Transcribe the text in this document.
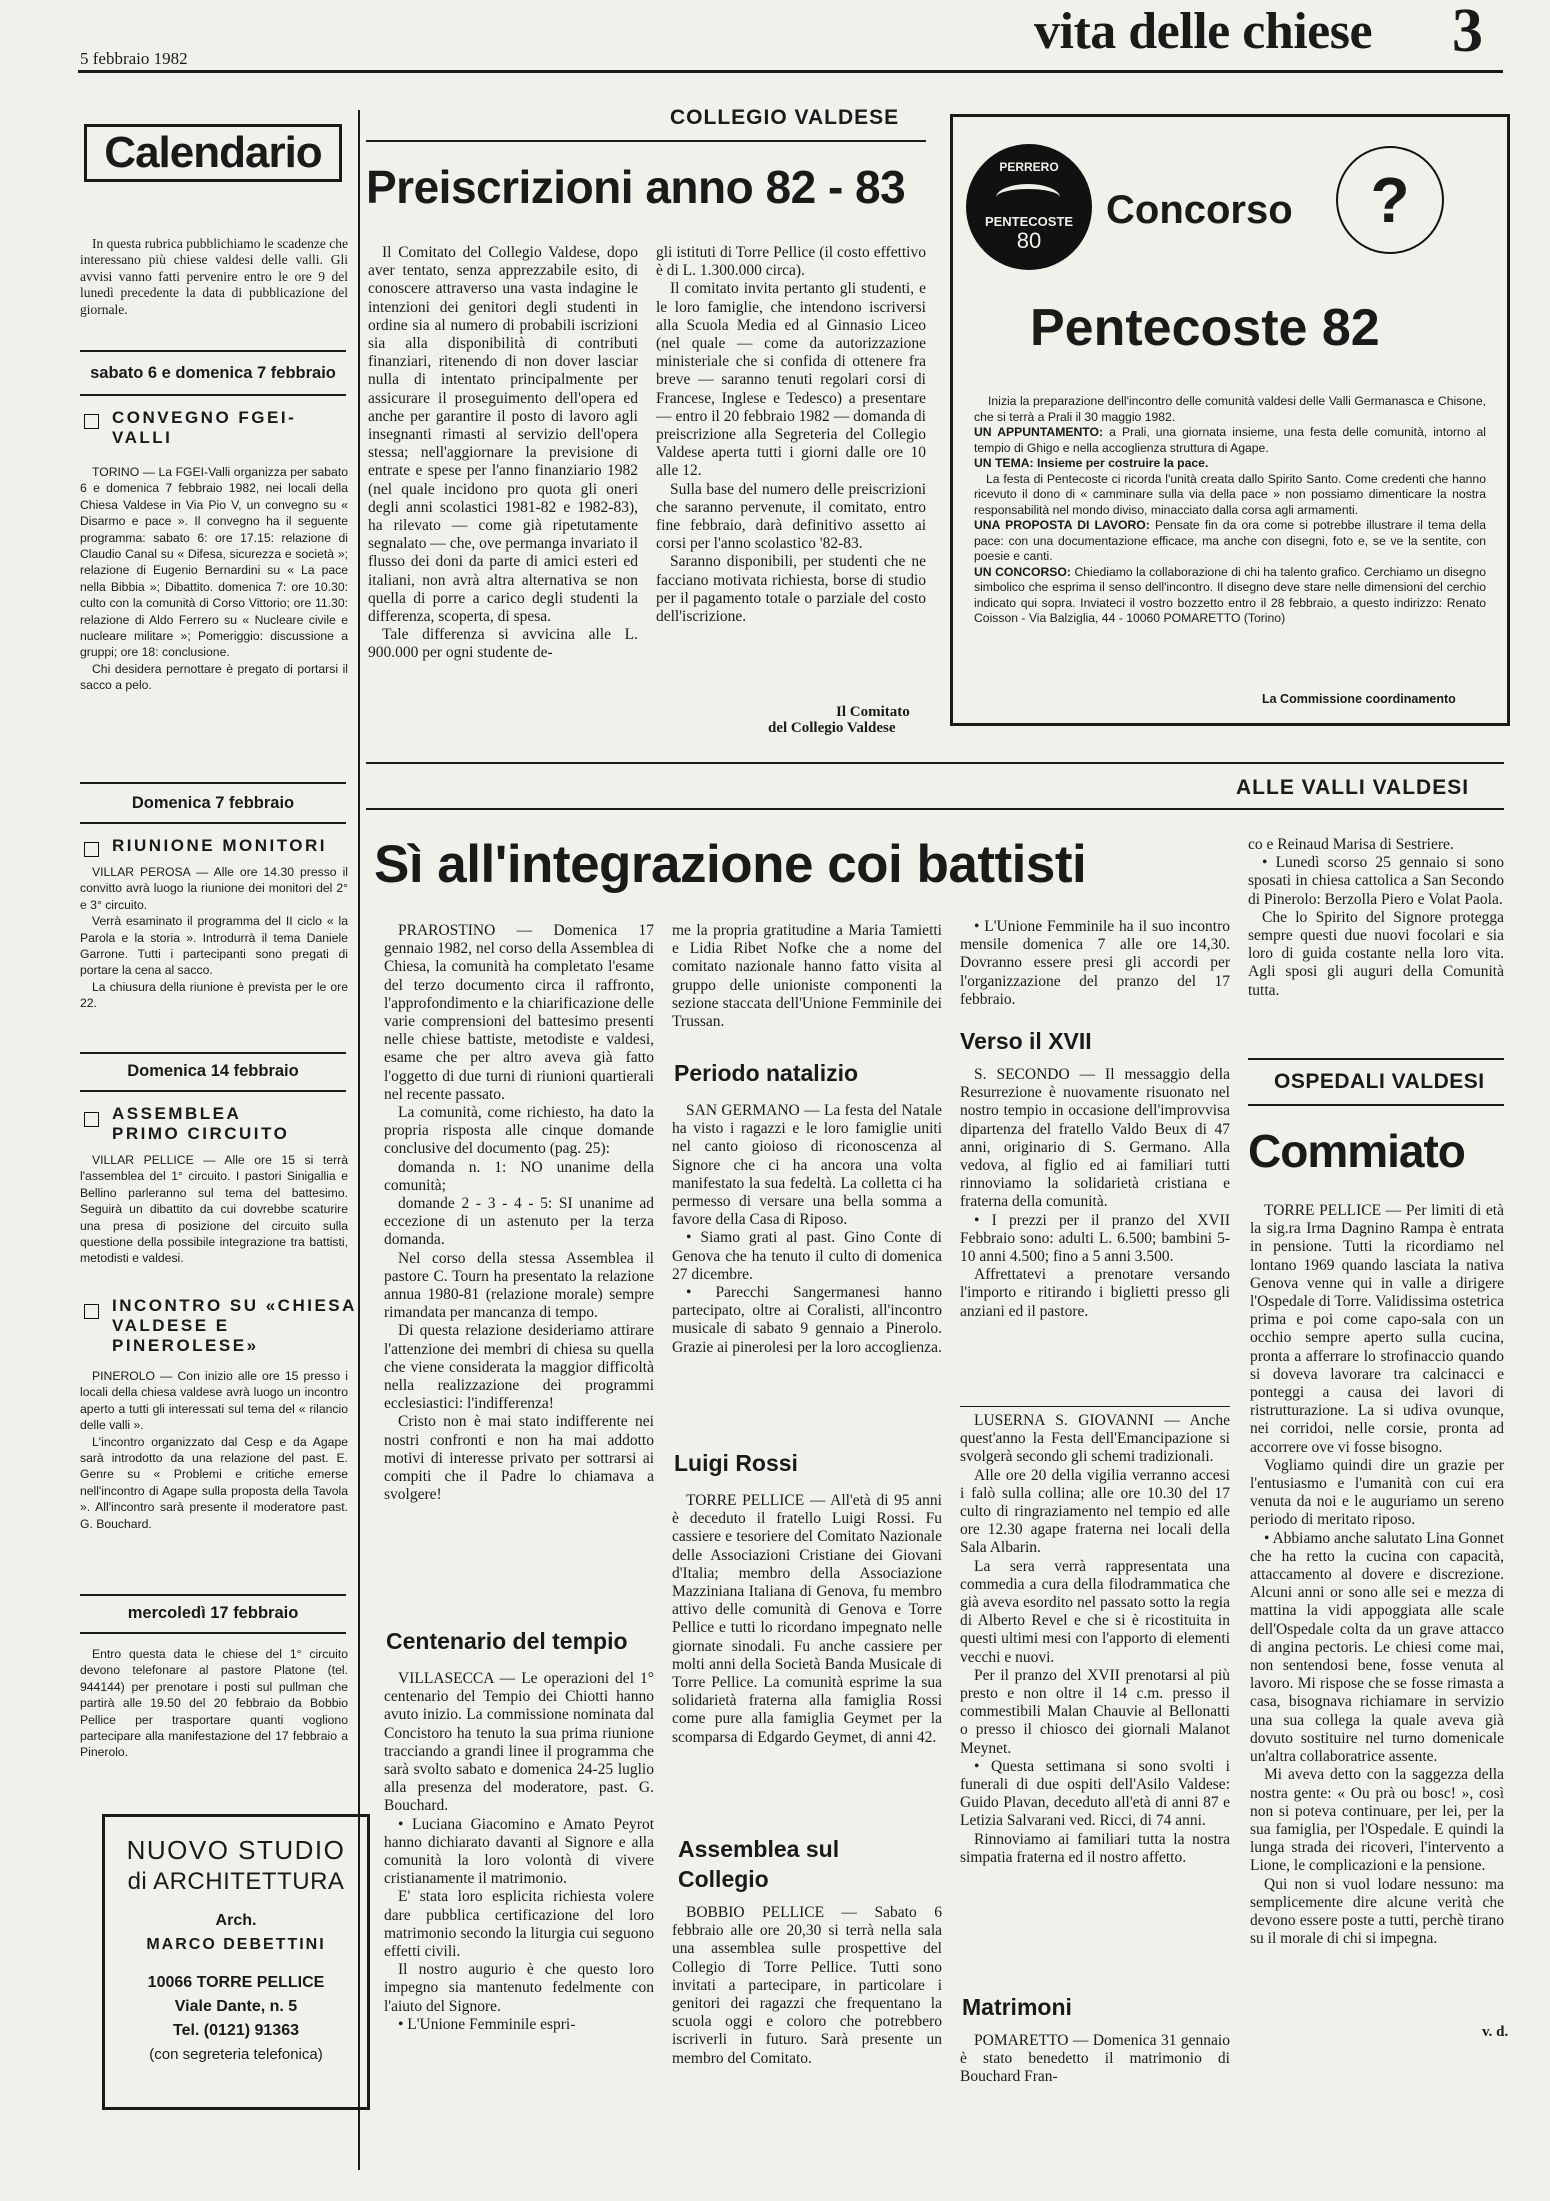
5 febbraio 1982	vita delle chiese 3
Calendario

In questa rubrica pubblichiamo le scadenze che interessano più chiese valdesi delle valli. Gli avvisi vanno fatti pervenire entro le ore 9 del lunedì precedente la data di pubblicazione del giornale.

sabato 6 e domenica 7 febbraio
CONVEGNO FGEI-VALLI

TORINO — La FGEI-Valli organizza per sabato 6 e domenica 7 febbraio 1982, nei locali della Chiesa Valdese in Via Pio V, un convegno su « Disarmo e pace ». Il convegno ha il seguente programma: sabato 6: ore 17.15: relazione di Claudio Canal su « Difesa, sicurezza e società »; relazione di Eugenio Bernardini su « La pace nella Bibbia »; Dibattito. domenica 7: ore 10.30: culto con la comunità di Corso Vittorio; ore 11.30: relazione di Aldo Ferrero su « Nucleare civile e nucleare militare »; Pomeriggio: discussione a gruppi; ore 18: conclusione.

Chi desidera pernottare è pregato di portarsi il sacco a pelo.

Domenica 7 febbraio
RIUNIONE MONITORI

VILLAR PEROSA — Alle ore 14.30 presso il convitto avrà luogo la riunione dei monitori del 2° e 3° circuito.

Verrà esaminato il programma del II ciclo « la Parola e la storia ». Introdurrà il tema Daniele Garrone. Tutti i partecipanti sono pregati di portare la cena al sacco.

La chiusura della riunione è prevista per le ore 22.

Domenica 14 febbraio
ASSEMBLEA PRIMO CIRCUITO

VILLAR PELLICE — Alle ore 15 si terrà l'assemblea del 1° circuito. I pastori Sinigallia e Bellino parleranno sul tema del battesimo. Seguirà un dibattito da cui dovrebbe scaturire una presa di posizione del circuito sulla questione della possibile integrazione tra battisti, metodisti e valdesi.

INCONTRO SU «CHIESA VALDESE E PINEROLESE»

PINEROLO — Con inizio alle ore 15 presso i locali della chiesa valdese avrà luogo un incontro aperto a tutti gli interessati sul tema del « rilancio delle valli ».

L'incontro organizzato dal Cesp e da Agape sarà introdotto da una relazione del past. E. Genre su « Problemi e critiche emerse nell'incontro di Agape sulla proposta della Tavola ». All'incontro sarà presente il moderatore past. G. Bouchard.

mercoledì 17 febbraio

Entro questa data le chiese del 1° circuito devono telefonare al pastore Platone (tel. 944144) per prenotare i posti sul pullman che partirà alle 19.50 del 20 febbraio da Bobbio Pellice per trasportare quanti vogliono partecipare alla manifestazione del 17 febbraio a Pinerolo.

NUOVO STUDIO
di ARCHITETTURA
Arch.
MARCO DEBETTINI
10066 TORRE PELLICE
Viale Dante, n. 5
Tel. (0121) 91363
(con segreteria telefonica)
COLLEGIO VALDESE
Preiscrizioni anno 82 - 83

Il Comitato del Collegio Valdese, dopo aver tentato, senza apprezzabile esito, di conoscere attraverso una vasta indagine le intenzioni dei genitori degli studenti in ordine sia al numero di probabili iscrizioni sia alla disponibilità di contributi finanziari, ritenendo di non dover lasciar nulla di intentato principalmente per assicurare il proseguimento dell'opera ed anche per garantire il posto di lavoro agli insegnanti rimasti al servizio dell'opera stessa; nell'aggiornare la previsione di entrate e spese per l'anno finanziario 1982 (nel quale incidono pro quota gli oneri degli anni scolastici 1981-82 e 1982-83), ha rilevato — come già ripetutamente segnalato — che, ove permanga invariato il flusso dei doni da parte di amici esteri ed italiani, non avrà altra alternativa se non quella di porre a carico degli studenti la differenza, scoperta, di spesa.

Tale differenza si avvicina alle L. 900.000 per ogni studente de-

gli istituti di Torre Pellice (il costo effettivo è di L. 1.300.000 circa).

Il comitato invita pertanto gli studenti, e le loro famiglie, che intendono iscriversi alla Scuola Media ed al Ginnasio Liceo (nel quale — come da autorizzazione ministeriale che si confida di ottenere fra breve — saranno tenuti regolari corsi di Francese, Inglese e Tedesco) a presentare — entro il 20 febbraio 1982 — domanda di preiscrizione alla Segreteria del Collegio Valdese aperta tutti i giorni dalle ore 10 alle 12.

Sulla base del numero delle preiscrizioni che saranno pervenute, il comitato, entro fine febbraio, darà definitivo assetto ai corsi per l'anno scolastico '82-83.

Saranno disponibili, per studenti che ne facciano motivata richiesta, borse di studio per il pagamento totale o parziale del costo dell'iscrizione.

Il Comitato
del Collegio Valdese
PERRERO
PENTECOSTE
80
Concorso	?
Pentecoste 82

Inizia la preparazione dell'incontro delle comunità valdesi delle Valli Germanasca e Chisone, che si terrà a Prali il 30 maggio 1982.

UN APPUNTAMENTO: a Prali, una giornata insieme, una festa delle comunità, intorno al tempio di Ghigo e nella accoglienza struttura di Agape.

UN TEMA: Insieme per costruire la pace.

La festa di Pentecoste ci ricorda l'unità creata dallo Spirito Santo. Come credenti che hanno ricevuto il dono di « camminare sulla via della pace » non possiamo dimenticare la nostra responsabilità nel mondo diviso, minacciato dalla corsa agli armamenti.

UNA PROPOSTA DI LAVORO: Pensate fin da ora come si potrebbe illustrare il tema della pace: con una documentazione efficace, ma anche con disegni, foto e, se ve la sentite, con poesie e canti.

UN CONCORSO: Chiediamo la collaborazione di chi ha talento grafico. Cerchiamo un disegno simbolico che esprima il senso dell'incontro. Il disegno deve stare nelle dimensioni del cerchio indicato qui sopra. Inviateci il vostro bozzetto entro il 28 febbraio, a questo indirizzo: Renato Coisson - Via Balziglia, 44 - 10060 POMARETTO (Torino)

La Commissione coordinamento
ALLE VALLI VALDESI
Sì all'integrazione coi battisti

PRAROSTINO — Domenica 17 gennaio 1982, nel corso della Assemblea di Chiesa, la comunità ha completato l'esame del terzo documento circa il raffronto, l'approfondimento e la chiarificazione delle varie comprensioni del battesimo presenti nelle chiese battiste, metodiste e valdesi, esame che per altro aveva già fatto l'oggetto di due turni di riunioni quartierali nel recente passato.

La comunità, come richiesto, ha dato la propria risposta alle cinque domande conclusive del documento (pag. 25):

domanda n. 1: NO unanime della comunità;

domande 2 - 3 - 4 - 5: SI unanime ad eccezione di un astenuto per la terza domanda.

Nel corso della stessa Assemblea il pastore C. Tourn ha presentato la relazione annua 1980-81 (relazione morale) sempre rimandata per mancanza di tempo.

Di questa relazione desideriamo attirare l'attenzione dei membri di chiesa su quella che viene considerata la maggior difficoltà nella realizzazione dei programmi ecclesiastici: l'indifferenza!

Cristo non è mai stato indifferente nei nostri confronti e non ha mai addotto motivi di interesse privato per sottrarsi ai compiti che il Padre lo chiamava a svolgere!

Centenario del tempio

VILLASECCA — Le operazioni del 1° centenario del Tempio dei Chiotti hanno avuto inizio. La commissione nominata dal Concistoro ha tenuto la sua prima riunione tracciando a grandi linee il programma che sarà svolto sabato e domenica 24-25 luglio alla presenza del moderatore, past. G. Bouchard.

• Luciana Giacomino e Amato Peyrot hanno dichiarato davanti al Signore e alla comunità la loro volontà di vivere cristianamente il matrimonio.

E' stata loro esplicita richiesta volere dare pubblica certificazione del loro matrimonio secondo la liturgia cui seguono effetti civili.

Il nostro augurio è che questo loro impegno sia mantenuto fedelmente con l'aiuto del Signore.

• L'Unione Femminile espri-

me la propria gratitudine a Maria Tamietti e Lidia Ribet Nofke che a nome del comitato nazionale hanno fatto visita al gruppo delle unioniste componenti la sezione staccata dell'Unione Femminile dei Trussan.

Periodo natalizio

SAN GERMANO — La festa del Natale ha visto i ragazzi e le loro famiglie uniti nel canto gioioso di riconoscenza al Signore che ci ha ancora una volta manifestato la sua fedeltà. La colletta ci ha permesso di versare una bella somma a favore della Casa di Riposo.

• Siamo grati al past. Gino Conte di Genova che ha tenuto il culto di domenica 27 dicembre.

• Parecchi Sangermanesi hanno partecipato, oltre ai Coralisti, all'incontro musicale di sabato 9 gennaio a Pinerolo. Grazie ai pinerolesi per la loro accoglienza.

Luigi Rossi

TORRE PELLICE — All'età di 95 anni è deceduto il fratello Luigi Rossi. Fu cassiere e tesoriere del Comitato Nazionale delle Associazioni Cristiane dei Giovani d'Italia; membro della Associazione Mazziniana Italiana di Genova, fu membro attivo delle comunità di Genova e Torre Pellice e tutti lo ricordano impegnato nelle giornate sinodali. Fu anche cassiere per molti anni della Società Banda Musicale di Torre Pellice. La comunità esprime la sua solidarietà fraterna alla famiglia Rossi come pure alla famiglia Geymet per la scomparsa di Edgardo Geymet, di anni 42.

Assemblea sul Collegio

BOBBIO PELLICE — Sabato 6 febbraio alle ore 20,30 si terrà nella sala una assemblea sulle prospettive del Collegio di Torre Pellice. Tutti sono invitati a partecipare, in particolare i genitori dei ragazzi che frequentano la scuola oggi e coloro che potrebbero iscriverli in futuro. Sarà presente un membro del Comitato.

• L'Unione Femminile ha il suo incontro mensile domenica 7 alle ore 14,30. Dovranno essere presi gli accordi per l'organizzazione del pranzo del 17 febbraio.

Verso il XVII

S. SECONDO — Il messaggio della Resurrezione è nuovamente risuonato nel nostro tempio in occasione dell'improvvisa dipartenza del fratello Valdo Beux di 47 anni, originario di S. Germano. Alla vedova, al figlio ed ai familiari tutti rinnoviamo la solidarietà cristiana e fraterna della comunità.

• I prezzi per il pranzo del XVII Febbraio sono: adulti L. 6.500; bambini 5-10 anni 4.500; fino a 5 anni 3.500.

Affrettatevi a prenotare versando l'importo e ritirando i biglietti presso gli anziani ed il pastore.

LUSERNA S. GIOVANNI — Anche quest'anno la Festa dell'Emancipazione si svolgerà secondo gli schemi tradizionali.

Alle ore 20 della vigilia verranno accesi i falò sulla collina; alle ore 10.30 del 17 culto di ringraziamento nel tempio ed alle ore 12.30 agape fraterna nei locali della Sala Albarin.

La sera verrà rappresentata una commedia a cura della filodrammatica che già aveva esordito nel passato sotto la regia di Alberto Revel e che si è ricostituita in questi ultimi mesi con l'apporto di elementi vecchi e nuovi.

Per il pranzo del XVII prenotarsi al più presto e non oltre il 14 c.m. presso il commestibili Malan Chauvie al Bellonatti o presso il chiosco dei giornali Malanot Meynet.

• Questa settimana si sono svolti i funerali di due ospiti dell'Asilo Valdese: Guido Plavan, deceduto all'età di anni 87 e Letizia Salvarani ved. Ricci, di 74 anni.

Rinnoviamo ai familiari tutta la nostra simpatia fraterna ed il nostro affetto.

Matrimoni

POMARETTO — Domenica 31 gennaio è stato benedetto il matrimonio di Bouchard Fran-

co e Reinaud Marisa di Sestriere.

• Lunedì scorso 25 gennaio si sono sposati in chiesa cattolica a San Secondo di Pinerolo: Berzolla Piero e Volat Paola.

Che lo Spirito del Signore protegga sempre questi due nuovi focolari e sia loro di guida costante nella loro vita. Agli sposi gli auguri della Comunità tutta.

OSPEDALI VALDESI
Commiato

TORRE PELLICE — Per limiti di età la sig.ra Irma Dagnino Rampa è entrata in pensione. Tutti la ricordiamo nel lontano 1969 quando lasciata la nativa Genova venne qui in valle a dirigere l'Ospedale di Torre. Validissima ostetrica prima e poi come capo-sala con un occhio sempre aperto sulla cucina, pronta a afferrare lo strofinaccio quando si doveva lavorare tra calcinacci e ponteggi a causa dei lavori di ristrutturazione. La si udiva ovunque, nei corridoi, nelle corsie, pronta ad accorrere ove vi fosse bisogno.

Vogliamo quindi dire un grazie per l'entusiasmo e l'umanità con cui era venuta da noi e le auguriamo un sereno periodo di meritato riposo.

• Abbiamo anche salutato Lina Gonnet che ha retto la cucina con capacità, attaccamento al dovere e discrezione. Alcuni anni or sono alle sei e mezza di mattina la vidi appoggiata alle scale dell'Ospedale colta da un grave attacco di angina pectoris. Le chiesi come mai, non sentendosi bene, fosse venuta al lavoro. Mi rispose che se fosse rimasta a casa, bisognava richiamare in servizio una sua collega la quale aveva già dovuto sostituire nel turno domenicale un'altra collaboratrice assente.

Mi aveva detto con la saggezza della nostra gente: « Ou prà ou bosc! », così non si poteva continuare, per lei, per la sua famiglia, per l'Ospedale. E quindi la lunga strada dei ricoveri, l'intervento a Lione, le complicazioni e la pensione.

Qui non si vuol lodare nessuno: ma semplicemente dire alcune verità che devono essere poste a tutti, perchè tirano su il morale di chi si impegna.

v. d.
